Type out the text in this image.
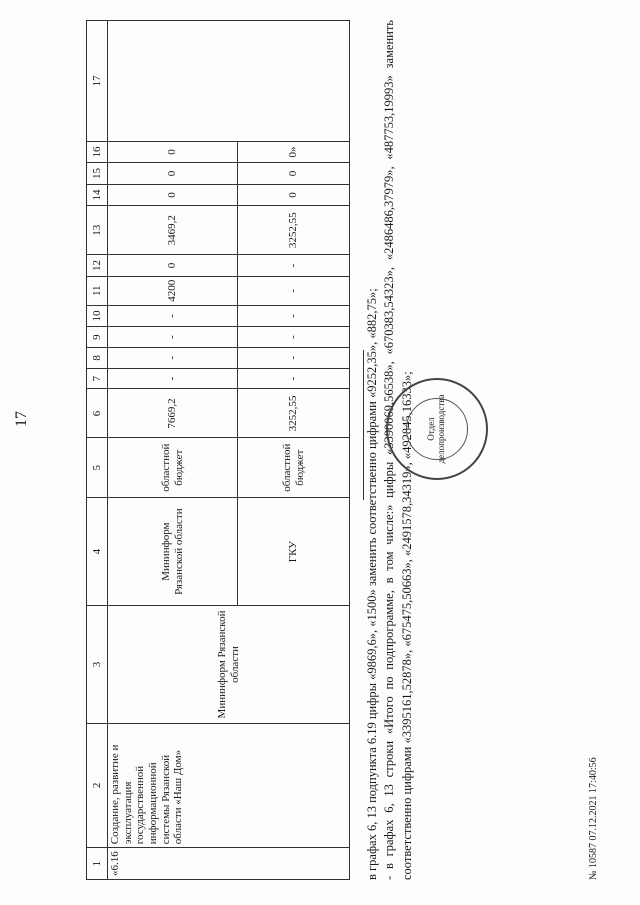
17
1	2	3	4	5	6	7	8	9	10	11	12	13	14	15	16	17
«6.16	Создание, развитие и эксплуатация государственной информационной системы Рязанской области «Наш Дом»	Мининформ Рязанской области	Мининформ Рязанской области	областной бюджет	7669,2	-	-	-	-	4200	0	3469,2	0	0	0	
			ГКУ	областной бюджет	3252,55	-	-	-	-	-	-	3252,55	0	0	0»	

в графах 6, 13 подпункта 6.19 цифры «9869,6», «1500» заменить соответственно цифрами «9252,35», «882,75»; - в графах 6, 13 строки «Итого по подпрограмме, в том числе:» цифры «3390069,56538», «670383,54323», «2486486,37979», «487753,19993» заменить соответственно цифрами «3395161,52878», «675475,50663», «2491578,34319», «492845,16333»;	Отдел делопроизводства
№ 10587 07.12.2021 17:40:56
